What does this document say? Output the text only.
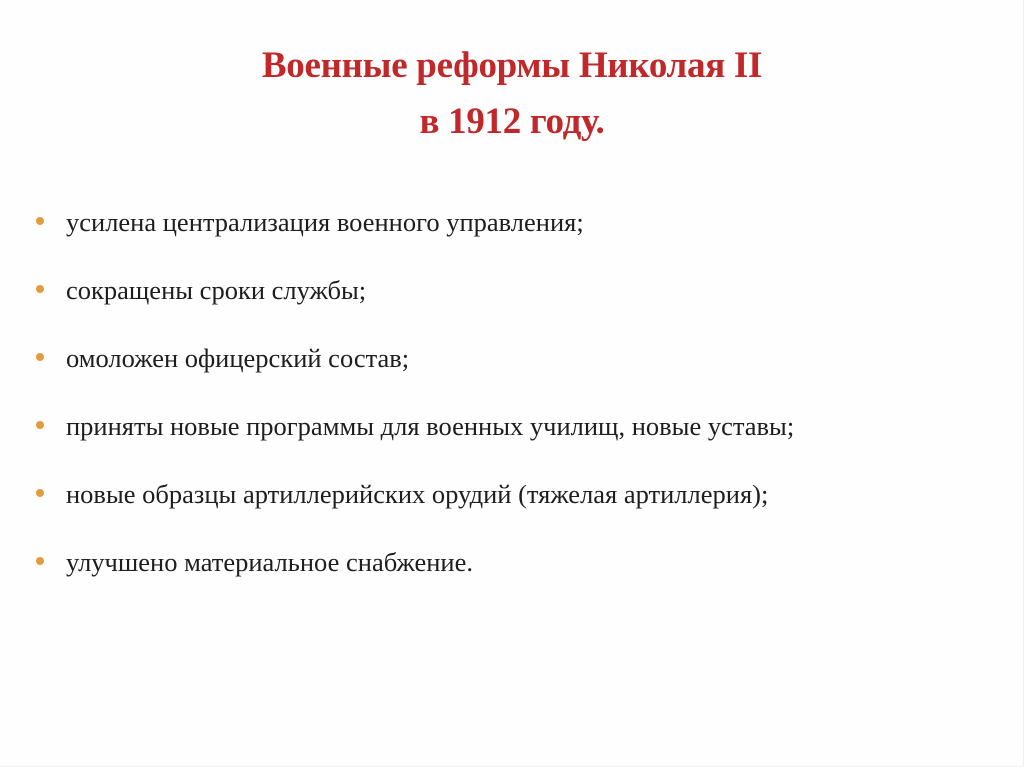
Военные реформы Николая II
в 1912 году.
усилена централизация военного управления;
сокращены сроки службы;
омоложен офицерский состав;
приняты новые программы для военных училищ, новые уставы;
новые образцы артиллерийских орудий (тяжелая артиллерия);
улучшено материальное снабжение.
